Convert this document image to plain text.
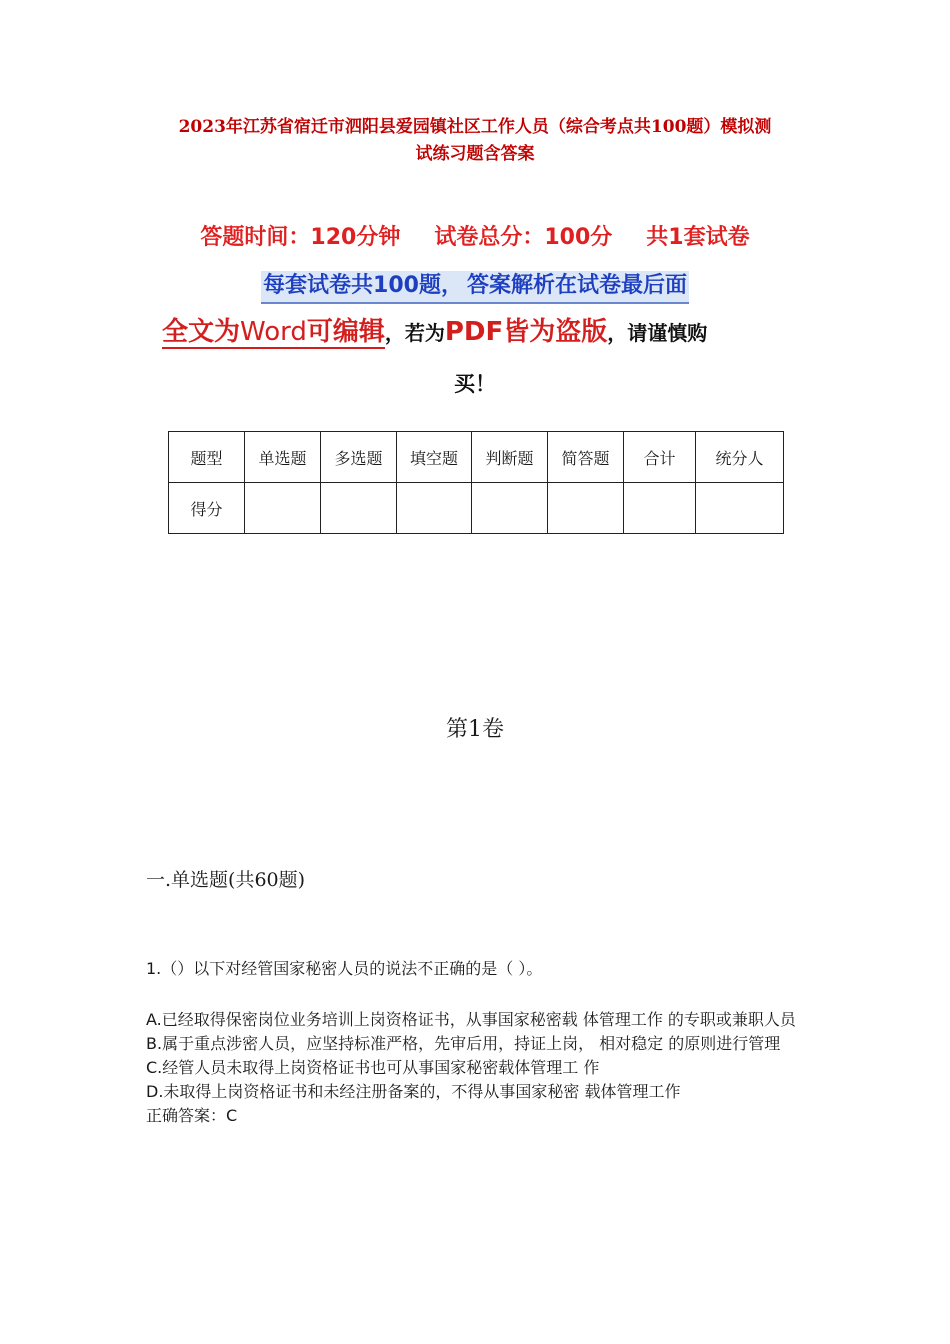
2023年江苏省宿迁市泗阳县爱园镇社区工作人员（综合考点共100题）模拟测
试练习题含答案
答题时间：120分钟 试卷总分：100分 共1套试卷
每套试卷共100题， 答案解析在试卷最后面
全文为Word可编辑，若为PDF皆为盗版，请谨慎购
买！
题型	单选题	多选题	填空题	判断题	简答题	合计	统分人
得分							
第1卷
一.单选题(共60题)
1.（）以下对经管国家秘密人员的说法不正确的是（ ）。

A.已经取得保密岗位业务培训上岗资格证书，从事国家秘密载 体管理工作 的专职或兼职人员

B.属于重点涉密人员，应坚持标准严格，先审后用，持证上岗， 相对稳定 的原则进行管理

C.经管人员未取得上岗资格证书也可从事国家秘密载体管理工 作

D.未取得上岗资格证书和未经注册备案的，不得从事国家秘密 载体管理工作

正确答案：C
